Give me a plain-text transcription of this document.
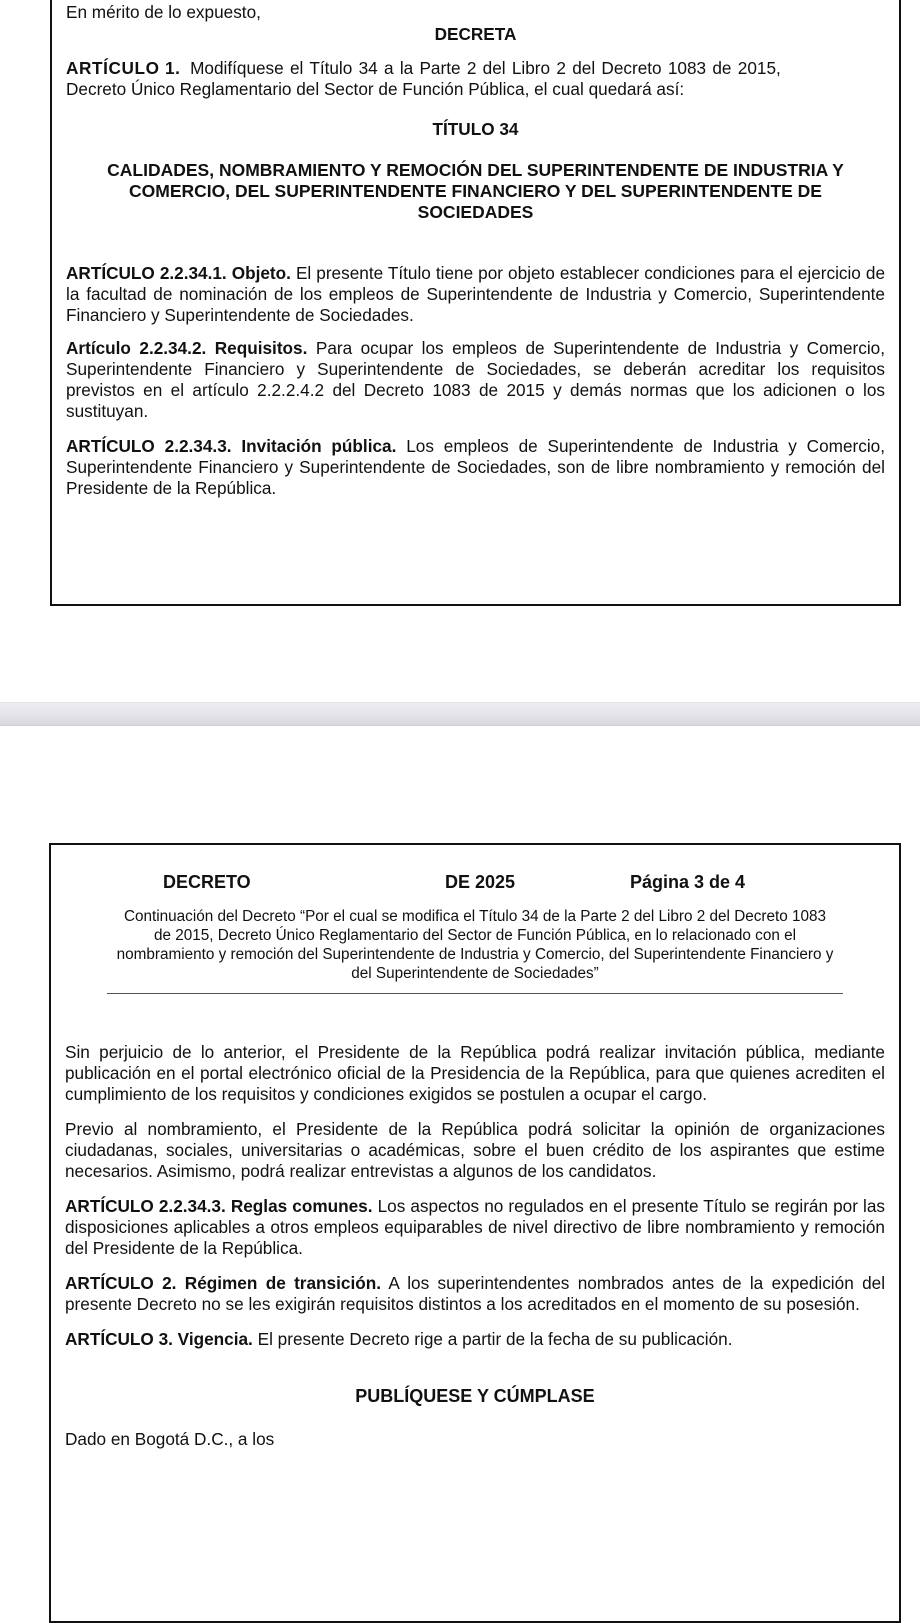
En mérito de lo expuesto,

DECRETA

ARTÍCULO 1. Modifíquese el Título 34 a la Parte 2 del Libro 2 del Decreto 1083 de 2015,
Decreto Único Reglamentario del Sector de Función Pública, el cual quedará así:

TÍTULO 34

CALIDADES, NOMBRAMIENTO Y REMOCIÓN DEL SUPERINTENDENTE DE INDUSTRIA Y

COMERCIO, DEL SUPERINTENDENTE FINANCIERO Y DEL SUPERINTENDENTE DE

SOCIEDADES

ARTÍCULO 2.2.34.1. Objeto. El presente Título tiene por objeto establecer condiciones para el ejercicio de la facultad de nominación de los empleos de Superintendente de Industria y Comercio, Superintendente Financiero y Superintendente de Sociedades.

Artículo 2.2.34.2. Requisitos. Para ocupar los empleos de Superintendente de Industria y Comercio, Superintendente Financiero y Superintendente de Sociedades, se deberán acreditar los requisitos previstos en el artículo 2.2.2.4.2 del Decreto 1083 de 2015 y demás normas que los adicionen o los sustituyan.

ARTÍCULO 2.2.34.3. Invitación pública. Los empleos de Superintendente de Industria y Comercio, Superintendente Financiero y Superintendente de Sociedades, son de libre nombramiento y remoción del Presidente de la República.

DECRETO	DE 2025	Página 3 de 4

Continuación del Decreto “Por el cual se modifica el Título 34 de la Parte 2 del Libro 2 del Decreto 1083

de 2015, Decreto Único Reglamentario del Sector de Función Pública, en lo relacionado con el

nombramiento y remoción del Superintendente de Industria y Comercio, del Superintendente Financiero y

del Superintendente de Sociedades”

Sin perjuicio de lo anterior, el Presidente de la República podrá realizar invitación pública, mediante publicación en el portal electrónico oficial de la Presidencia de la República, para que quienes acrediten el cumplimiento de los requisitos y condiciones exigidos se postulen a ocupar el cargo.

Previo al nombramiento, el Presidente de la República podrá solicitar la opinión de organizaciones ciudadanas, sociales, universitarias o académicas, sobre el buen crédito de los aspirantes que estime necesarios. Asimismo, podrá realizar entrevistas a algunos de los candidatos.

ARTÍCULO 2.2.34.3. Reglas comunes. Los aspectos no regulados en el presente Título se regirán por las disposiciones aplicables a otros empleos equiparables de nivel directivo de libre nombramiento y remoción del Presidente de la República.

ARTÍCULO 2. Régimen de transición. A los superintendentes nombrados antes de la expedición del presente Decreto no se les exigirán requisitos distintos a los acreditados en el momento de su posesión.

ARTÍCULO 3. Vigencia. El presente Decreto rige a partir de la fecha de su publicación.

PUBLÍQUESE Y CÚMPLASE

Dado en Bogotá D.C., a los
